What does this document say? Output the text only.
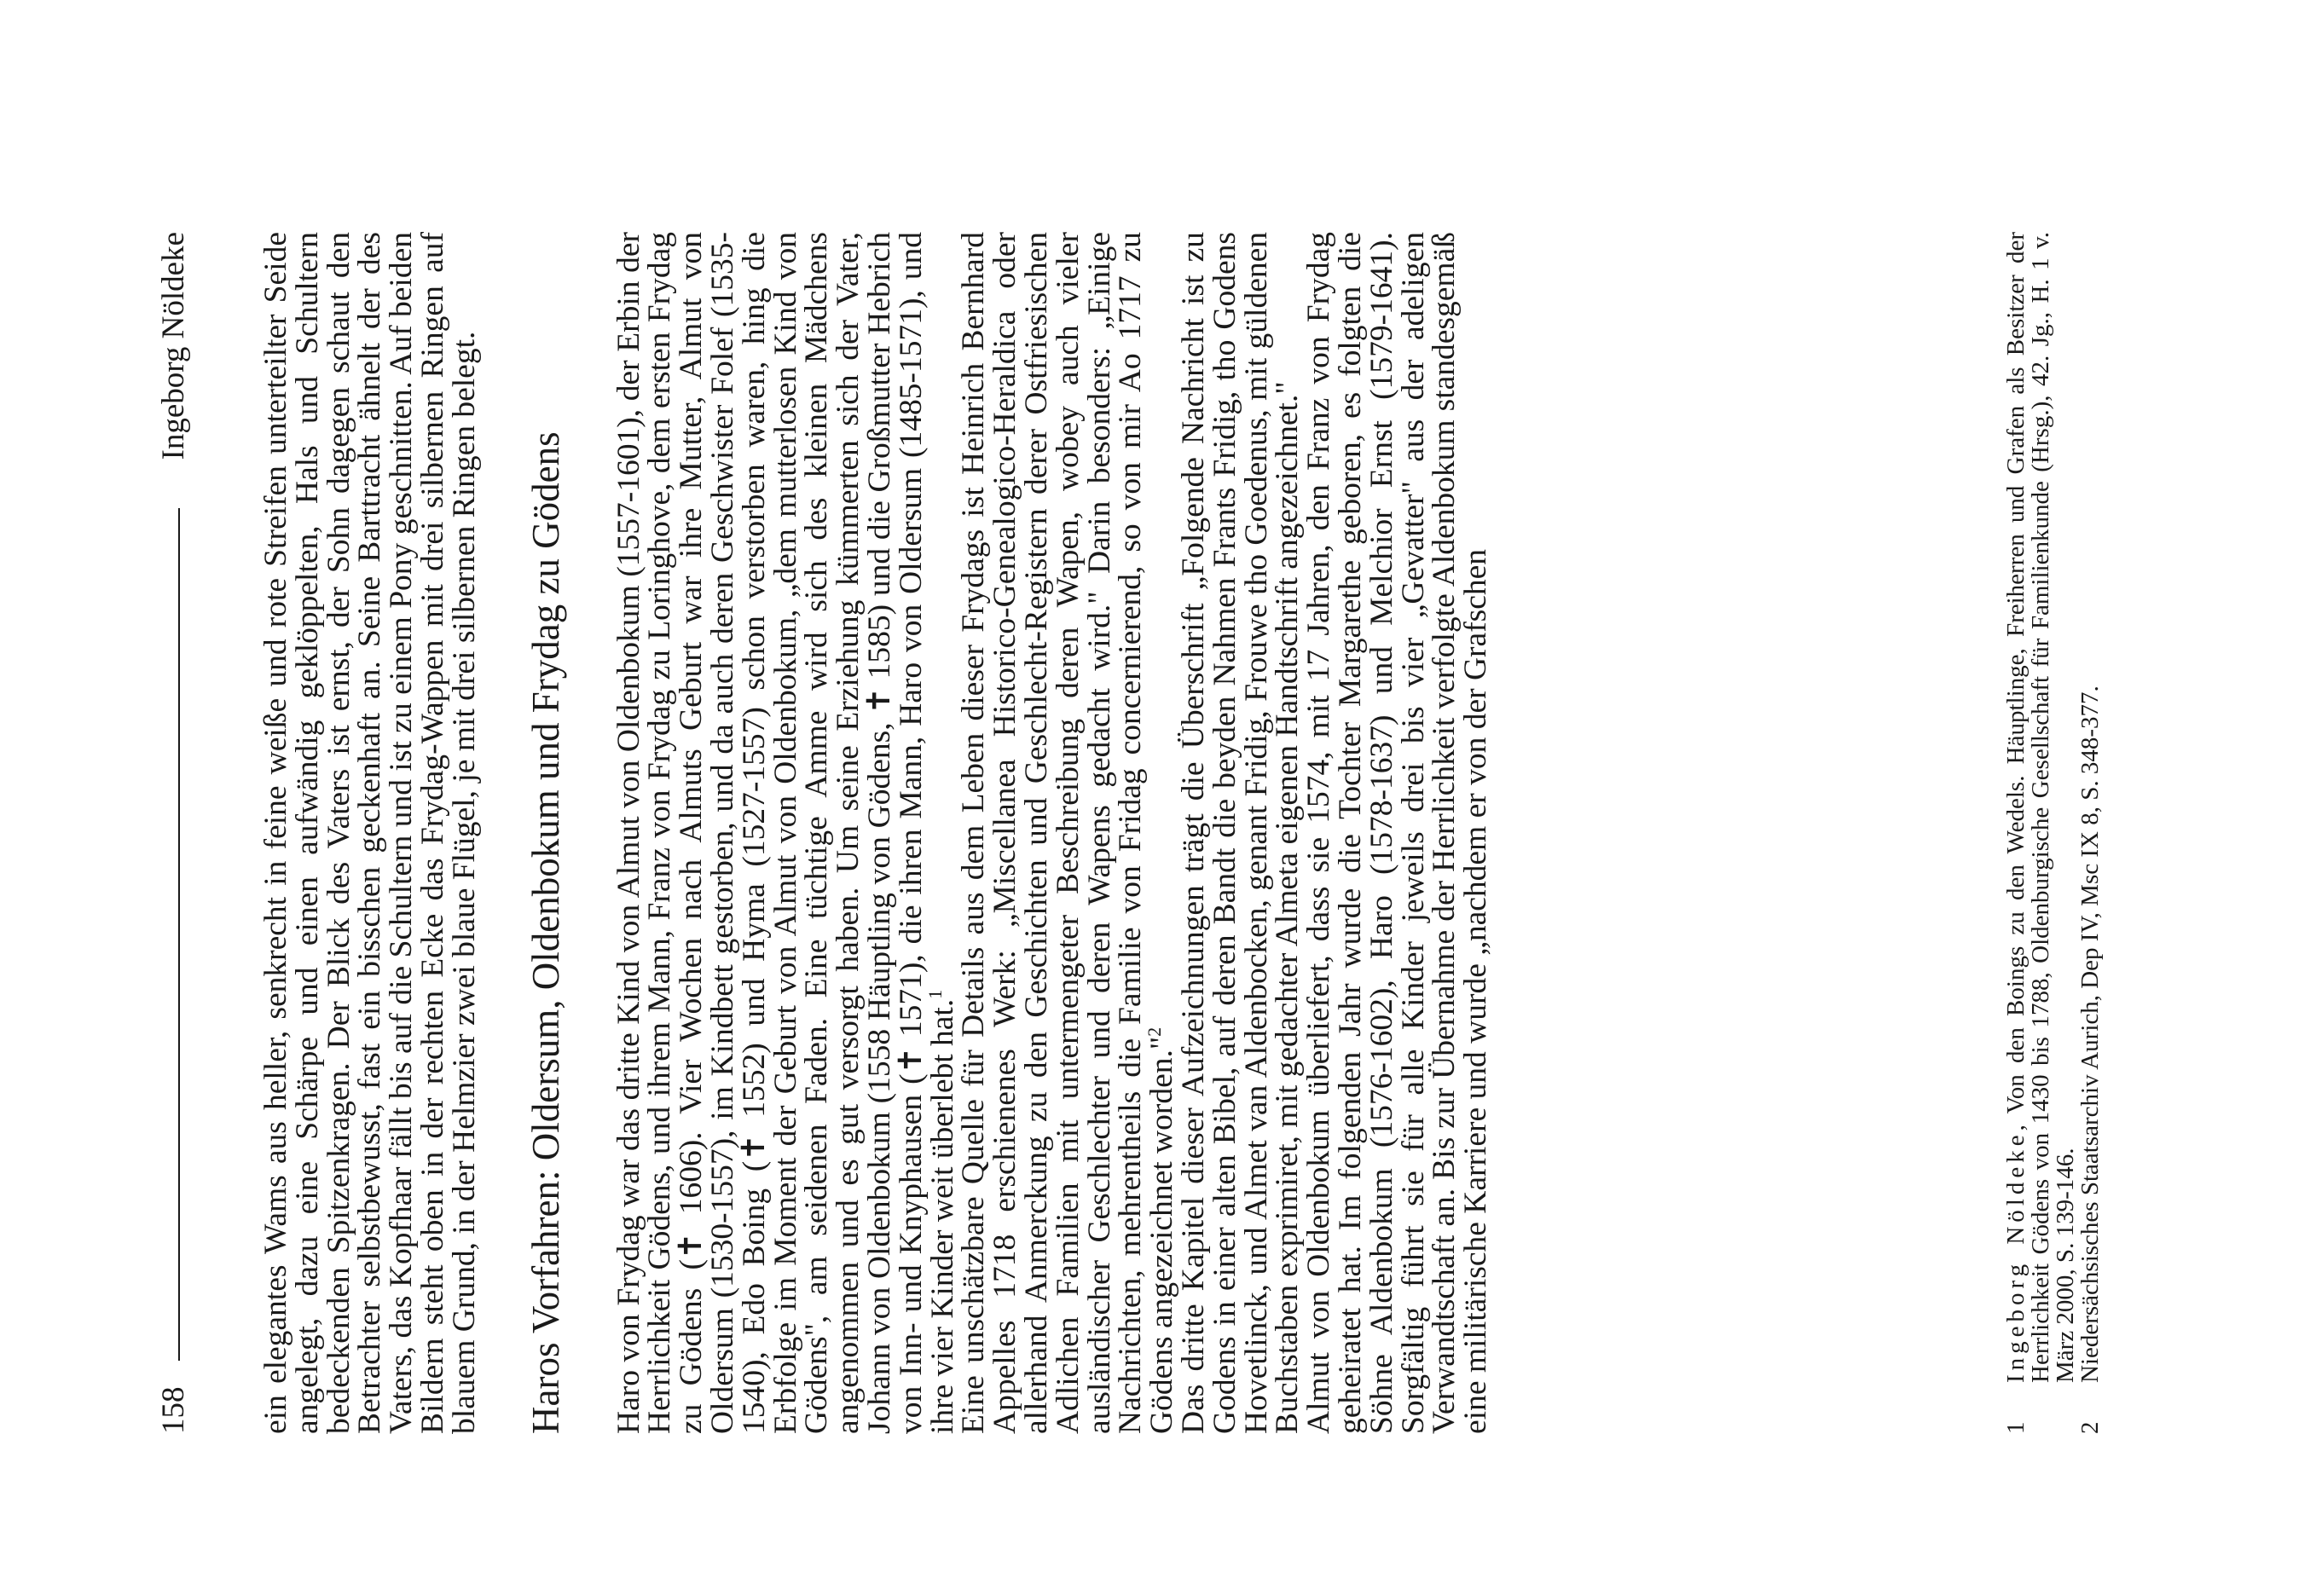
158
Ingeborg Nöldeke ein elegantes Wams aus heller, senkrecht in feine weiße und rote Streifen unterteilter Seide angelegt, dazu eine Schärpe und einen aufwändig geklöppelten, Hals und Schultern bedeckenden Spitzenkragen. Der Blick des Vaters ist ernst, der Sohn dagegen schaut den Betrachter selbstbewusst, fast ein bisschen geckenhaft an. Seine Barttracht ähnelt der des Vaters, das Kopfhaar fällt bis auf die Schultern und ist zu einem Pony geschnitten. Auf beiden Bildern steht oben in der rechten Ecke das Frydag-Wappen mit drei silbernen Ringen auf blauem Grund, in der Helmzier zwei blaue Flügel, je mit drei silbernen Ringen belegt. Haros Vorfahren: Oldersum, Oldenbokum und Frydag zu Gödens Haro von Frydag war das dritte Kind von Almut von Oldenbokum (1557-1601), der Erbin der Herrlichkeit Gödens, und ihrem Mann, Franz von Frydag zu Loringhove, dem ersten Frydag zu Gödens (✝ 1606). Vier Wochen nach Almuts Geburt war ihre Mutter, Almut von Oldersum (1530-1557), im Kindbett gestorben, und da auch deren Geschwister Folef (1535-1540), Edo Boing (✝ 1552) und Hyma (1527-1557) schon verstorben waren, hing die Erbfolge im Moment der Geburt von Almut von Oldenbokum, „dem mutterlosen Kind von Gödens", am seidenen Faden. Eine tüchtige Amme wird sich des kleinen Mädchens angenommen und es gut versorgt haben. Um seine Erziehung kümmerten sich der Vater, Johann von Oldenbokum (1558 Häuptling von Gödens, ✝ 1585) und die Großmutter Hebrich von Inn- und Knyphausen (✝ 1571), die ihren Mann, Haro von Oldersum (1485-1571), und ihre vier Kinder weit überlebt hat.$^1$ Eine unschätzbare Quelle für Details aus dem Leben dieser Frydags ist Heinrich Bernhard Appelles 1718 erschienenes Werk: „Miscellanea Historico-Genealogico-Heraldica oder allerhand Anmerckung zu den Geschichten und Geschlecht-Registern derer Ostfriesischen Adlichen Familien mit untermengeter Beschreibung deren Wapen, wobey auch vieler ausländischer Geschlechter und deren Wapens gedacht wird." Darin besonders: „Einige Nachrichten, mehrentheils die Familie von Fridag concernierend, so von mir Ao 1717 zu Gödens angezeichnet worden."$^2$ Das dritte Kapitel dieser Aufzeichnungen trägt die Überschrift „Folgende Nachricht ist zu Godens in einer alten Bibel, auf deren Bandt die beyden Nahmen Frants Fridig, tho Godens Hovetlinck, und Almet van Aldenbocken, genant Fridig, Frouwe tho Goedenus, mit güldenen Buchstaben exprimiret, mit gedachter Almeta eigenen Handtschrift angezeichnet."

Almut von Oldenbokum überliefert, dass sie 1574, mit 17 Jahren, den Franz von Frydag geheiratet hat. Im folgenden Jahr wurde die Tochter Margarethe geboren, es folgten die Söhne Aldenbokum (1576-1602), Haro (1578-1637) und Melchior Ernst (1579-1641). Sorgfältig führt sie für alle Kinder jeweils drei bis vier „Gevatter" aus der adeligen Verwandtschaft an. Bis zur Übernahme der Herrlichkeit verfolgte Aldenbokum standesgemäß eine militärische Karriere und wurde „nachdem er von der Grafschen	1
Ingeborg Nöldeke, Von den Boings zu den Wedels. Häuptlinge, Freiherren und Grafen als Besitzer der Herrlichkeit Gödens von 1430 bis 1788, Oldenburgische Gesellschaft für Familienkunde (Hrsg.), 42. Jg., H. 1 v. März 2000, S. 139-146.
2
Niedersächsisches Staatsarchiv Aurich, Dep IV, Msc IX 8, S. 348-377.
